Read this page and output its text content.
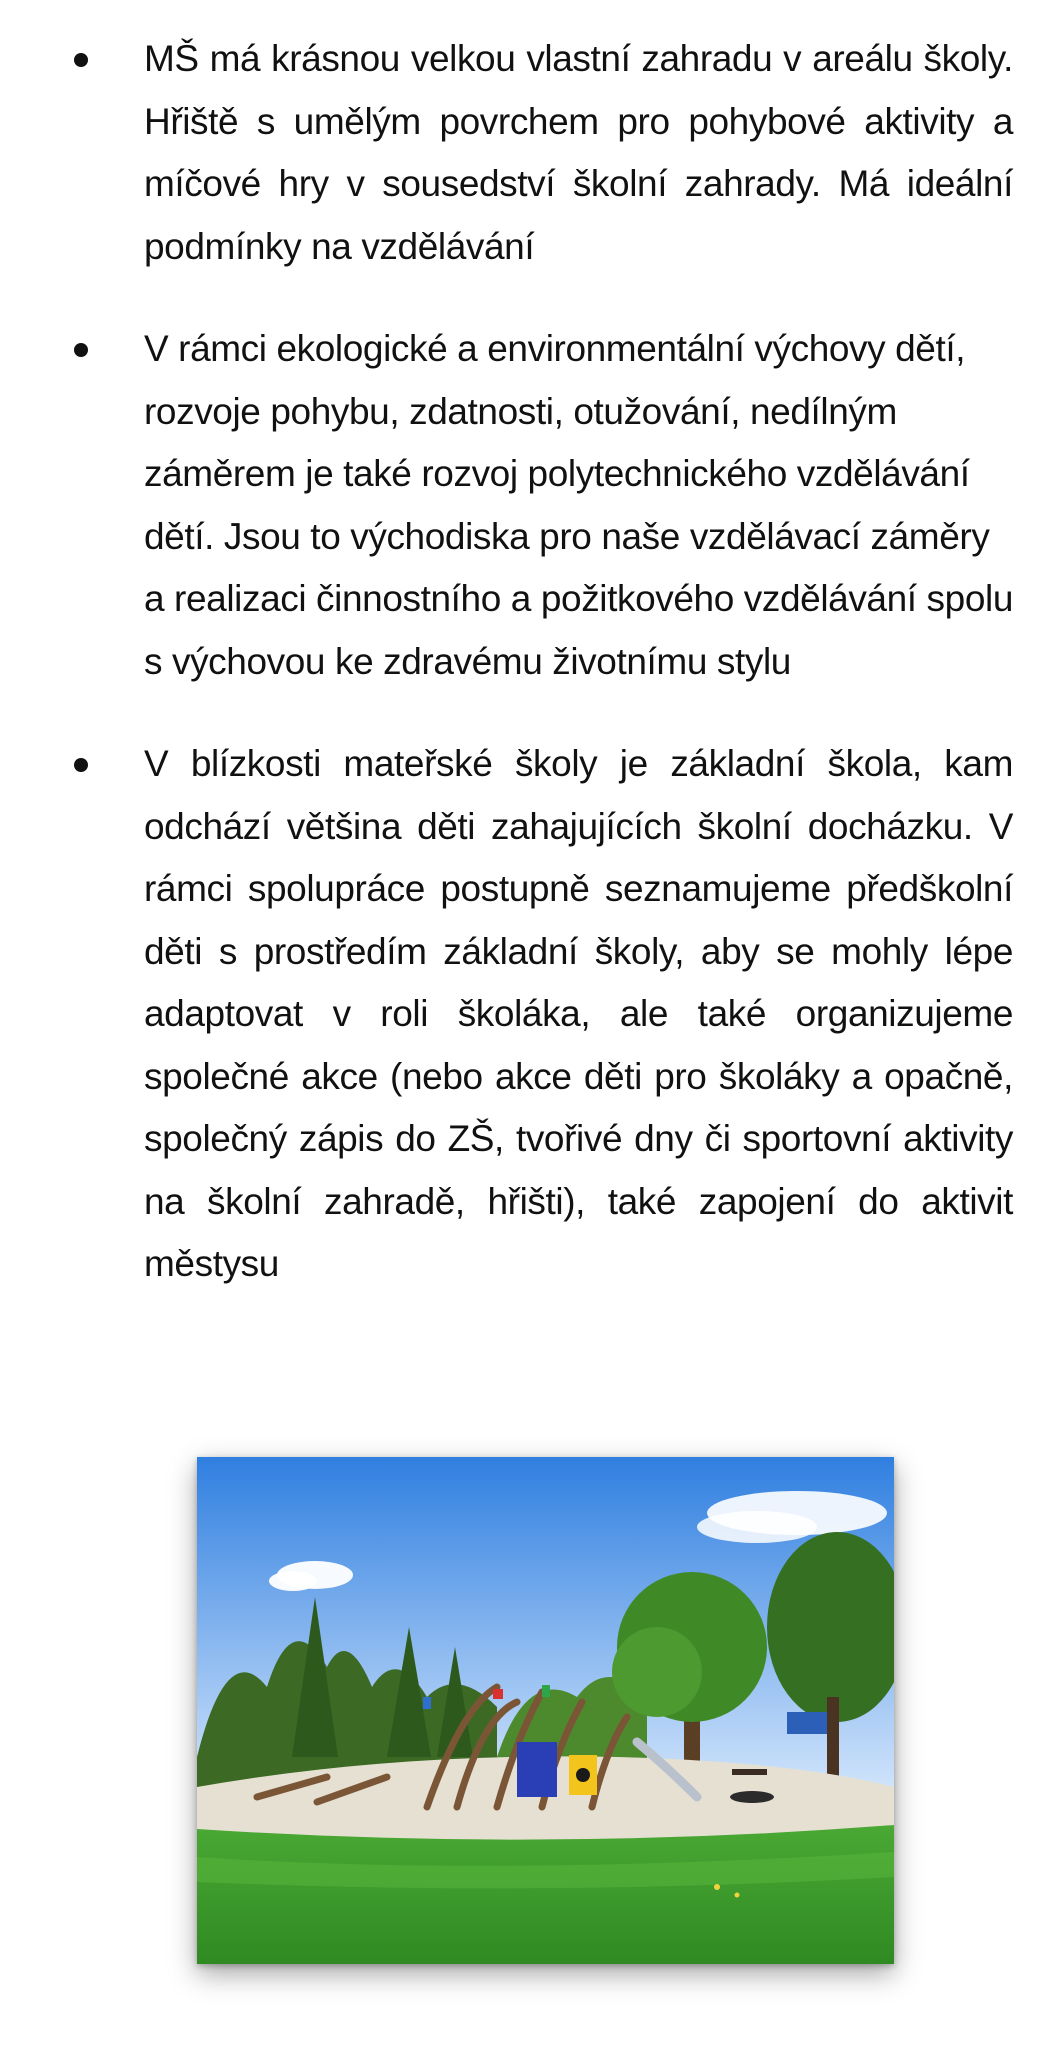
MŠ má krásnou velkou vlastní zahradu v areálu školy. Hřiště s umělým povrchem pro pohybové aktivity a míčové hry v sousedství školní zahrady. Má ideální podmínky na vzdělávání
V rámci ekologické a environmentální výchovy dětí, rozvoje pohybu, zdatnosti, otužování, nedílným záměrem je také rozvoj polytechnického vzdělávání dětí. Jsou to východiska pro naše vzdělávací záměry a realizaci činnostního a požitkového vzdělávání spolu s výchovou ke zdravému životnímu stylu
V blízkosti mateřské školy je základní škola, kam odchází většina děti zahajujících školní docházku. V rámci spolupráce postupně seznamujeme předškolní děti s prostředím základní školy, aby se mohly lépe adaptovat v roli školáka, ale také organizujeme společné akce (nebo akce děti pro školáky a opačně, společný zápis do ZŠ, tvořivé dny či sportovní aktivity na školní zahradě, hřišti), také zapojení do aktivit městysu
